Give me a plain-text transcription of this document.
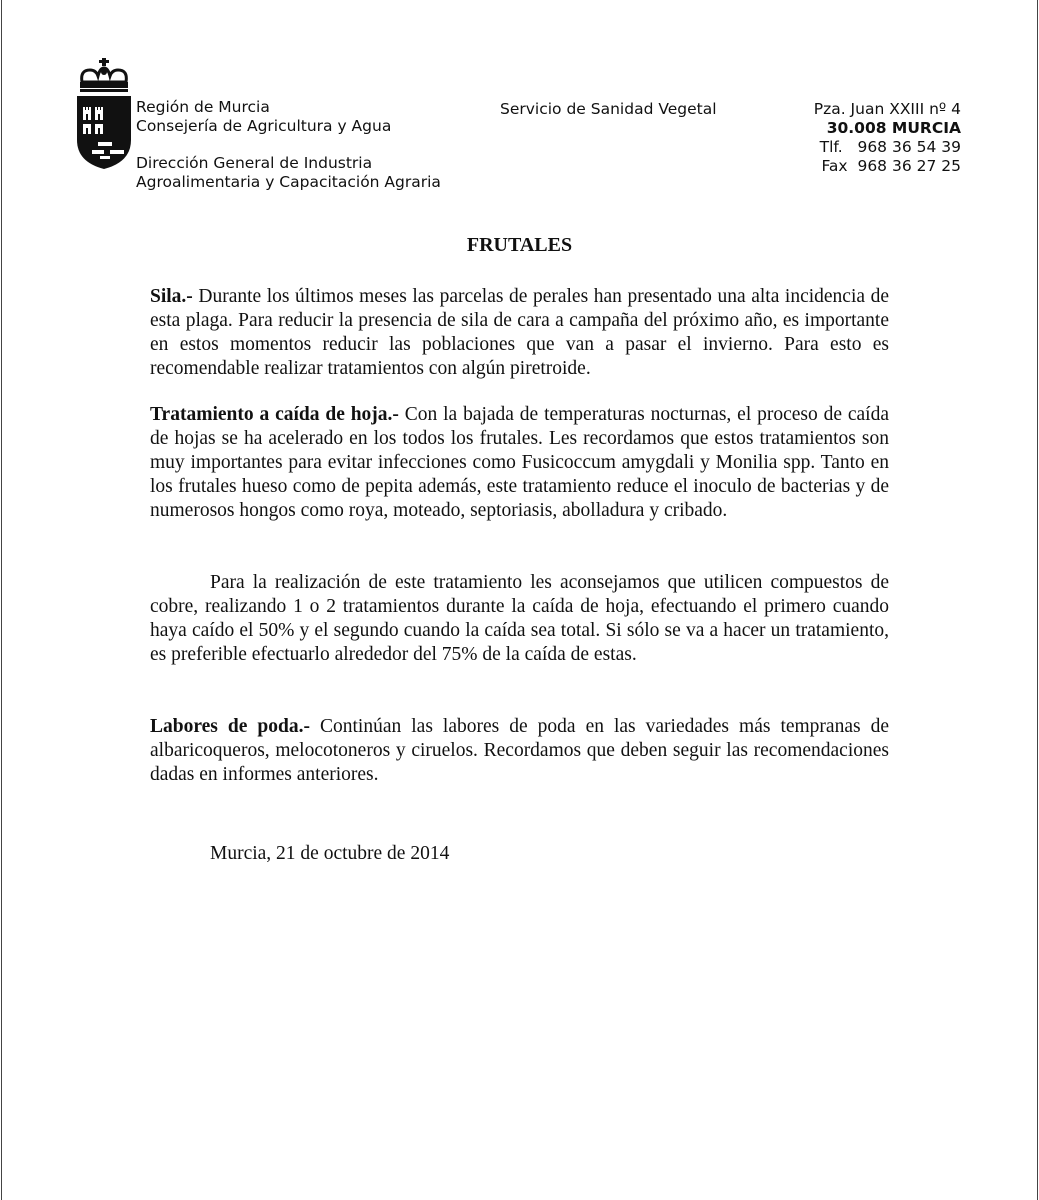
Región de Murcia
Consejería de Agricultura y Agua
Dirección General de Industria
Agroalimentaria y Capacitación Agraria
Servicio de Sanidad Vegetal	Pza. Juan XXIII nº 4
30.008 MURCIA
Tlf.   968 36 54 39
Fax  968 36 27 25
FRUTALES
Sila.- Durante los últimos meses las parcelas de perales han presentado una alta incidencia de esta plaga. Para reducir la presencia de sila de cara a campaña del próximo año, es importante en estos momentos reducir las poblaciones que van a pasar el invierno. Para esto es recomendable realizar tratamientos con algún piretroide.
Tratamiento a caída de hoja.- Con la bajada de temperaturas nocturnas, el proceso de caída de hojas se ha acelerado en los todos los frutales. Les recordamos que estos tratamientos son muy importantes para evitar infecciones como Fusicoccum amygdali y Monilia spp. Tanto en los frutales hueso como de pepita además, este tratamiento reduce el inoculo de bacterias y de numerosos hongos como roya, moteado, septoriasis, abolladura y cribado.
Para la realización de este tratamiento les aconsejamos que utilicen compuestos de cobre, realizando 1 o 2 tratamientos durante la caída de hoja, efectuando el primero cuando haya caído el 50% y el segundo cuando la caída sea total. Si sólo se va a hacer un tratamiento, es preferible efectuarlo alrededor del 75% de la caída de estas.
Labores de poda.- Continúan las labores de poda en las variedades más tempranas de albaricoqueros, melocotoneros y ciruelos. Recordamos que deben seguir las recomendaciones dadas en informes anteriores.
Murcia, 21 de octubre de 2014
